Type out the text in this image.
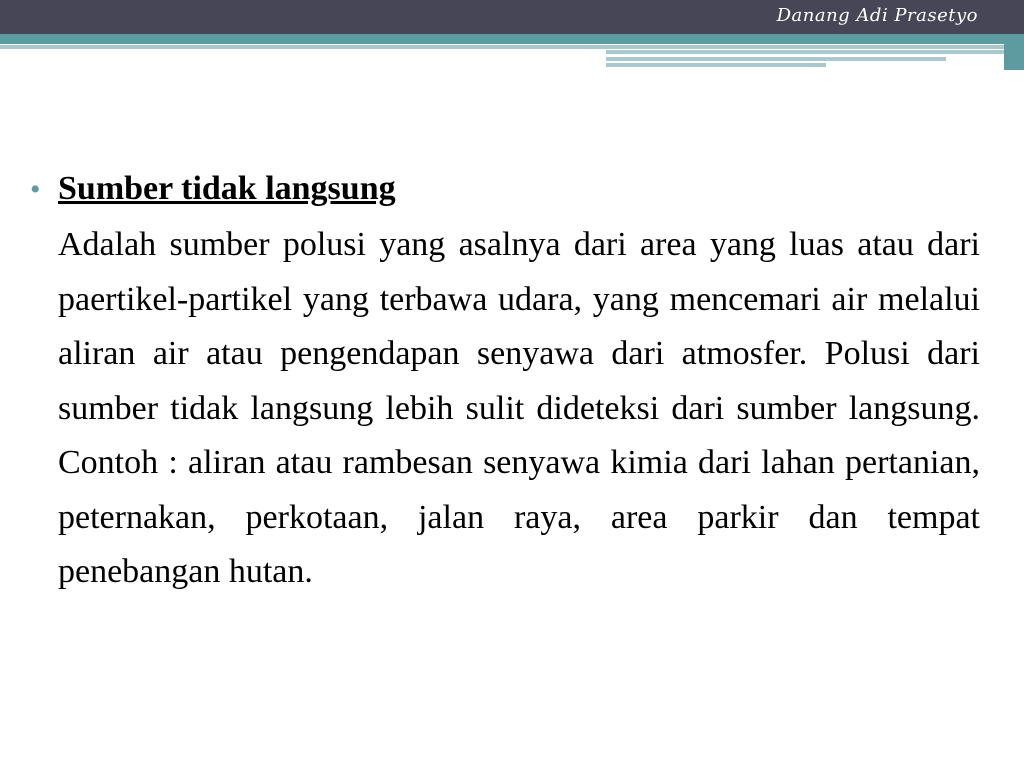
Danang Adi Prasetyo
• Sumber tidak langsung
Adalah sumber polusi yang asalnya dari area yang luas atau dari paertikel-partikel yang terbawa udara, yang mencemari air melalui aliran air atau pengendapan senyawa dari atmosfer. Polusi dari sumber tidak langsung lebih sulit dideteksi dari sumber langsung. Contoh : aliran atau rambesan senyawa kimia dari lahan pertanian, peternakan, perkotaan, jalan raya, area parkir dan tempat penebangan hutan.
